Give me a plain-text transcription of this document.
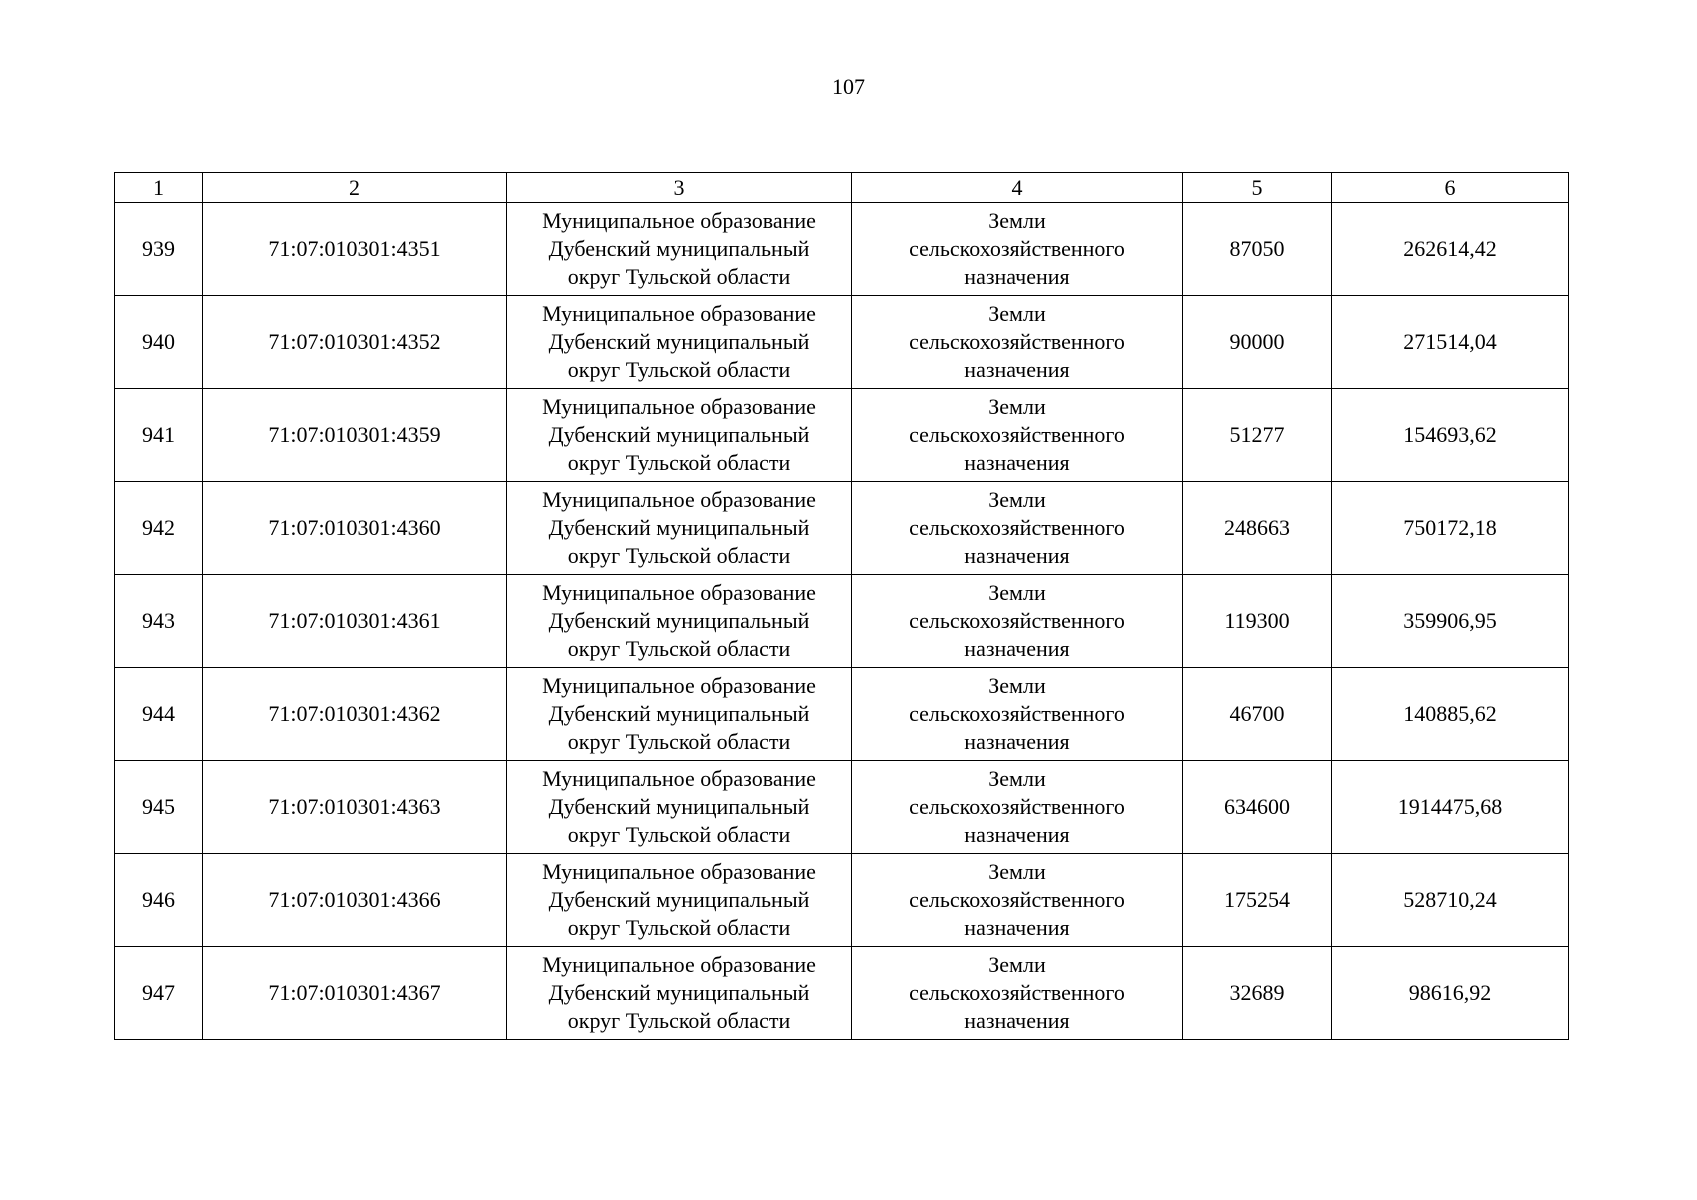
107
1	2	3	4	5	6
939	71:07:010301:4351	Муниципальное образование
Дубенский муниципальный
округ Тульской области	Земли
сельскохозяйственного
назначения	87050	262614,42
940	71:07:010301:4352	Муниципальное образование
Дубенский муниципальный
округ Тульской области	Земли
сельскохозяйственного
назначения	90000	271514,04
941	71:07:010301:4359	Муниципальное образование
Дубенский муниципальный
округ Тульской области	Земли
сельскохозяйственного
назначения	51277	154693,62
942	71:07:010301:4360	Муниципальное образование
Дубенский муниципальный
округ Тульской области	Земли
сельскохозяйственного
назначения	248663	750172,18
943	71:07:010301:4361	Муниципальное образование
Дубенский муниципальный
округ Тульской области	Земли
сельскохозяйственного
назначения	119300	359906,95
944	71:07:010301:4362	Муниципальное образование
Дубенский муниципальный
округ Тульской области	Земли
сельскохозяйственного
назначения	46700	140885,62
945	71:07:010301:4363	Муниципальное образование
Дубенский муниципальный
округ Тульской области	Земли
сельскохозяйственного
назначения	634600	1914475,68
946	71:07:010301:4366	Муниципальное образование
Дубенский муниципальный
округ Тульской области	Земли
сельскохозяйственного
назначения	175254	528710,24
947	71:07:010301:4367	Муниципальное образование
Дубенский муниципальный
округ Тульской области	Земли
сельскохозяйственного
назначения	32689	98616,92
